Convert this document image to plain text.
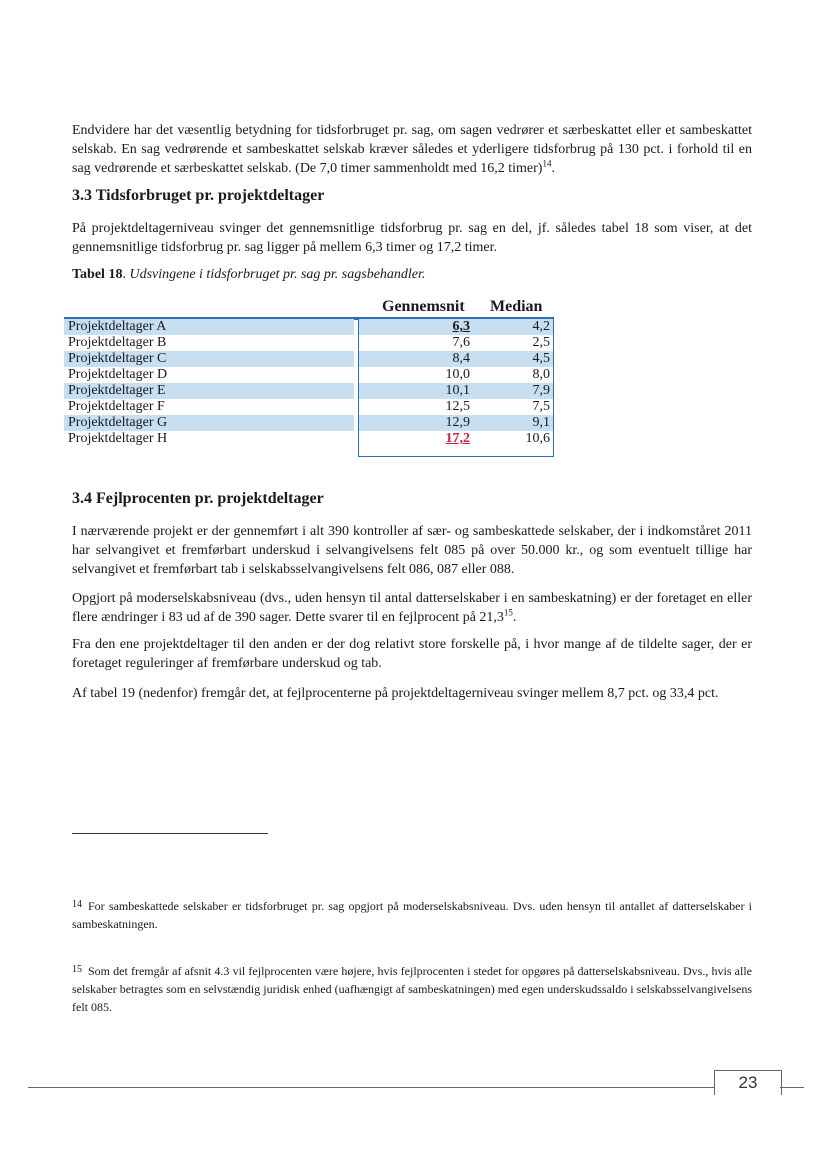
Endvidere har det væsentlig betydning for tidsforbruget pr. sag, om sagen vedrører et særbeskattet eller et sambeskattet selskab. En sag vedrørende et sambeskattet selskab kræver således et yderligere tidsforbrug på 130 pct. i forhold til en sag vedrørende et særbeskattet selskab. (De 7,0 timer sammenholdt med 16,2 timer)$^{14}$.

3.3 Tidsforbruget pr. projektdeltager

På projektdeltagerniveau svinger det gennemsnitlige tidsforbrug pr. sag en del, jf. således tabel 18 som viser, at det gennemsnitlige tidsforbrug pr. sag ligger på mellem 6,3 timer og 17,2 timer.

Tabel 18. Udsvingene i tidsforbruget pr. sag pr. sagsbehandler.

Gennemsnit Median
Projektdeltager A	6,3	4,2
Projektdeltager B	7,6	2,5
Projektdeltager C	8,4	4,5
Projektdeltager D	10,0	8,0
Projektdeltager E	10,1	7,9
Projektdeltager F	12,5	7,5
Projektdeltager G	12,9	9,1
Projektdeltager H	17,2	10,6
3.4 Fejlprocenten pr. projektdeltager

I nærværende projekt er der gennemført i alt 390 kontroller af sær- og sambeskattede selskaber, der i indkomståret 2011 har selvangivet et fremførbart underskud i selvangivelsens felt 085 på over 50.000 kr., og som eventuelt tillige har selvangivet et fremførbart tab i selskabsselvangivelsens felt 086, 087 eller 088.

Opgjort på moderselskabsniveau (dvs., uden hensyn til antal datterselskaber i en sambeskatning) er der foretaget en eller flere ændringer i 83 ud af de 390 sager. Dette svarer til en fejlprocent på 21,3$^{15}$.

Fra den ene projektdeltager til den anden er der dog relativt store forskelle på, i hvor mange af de tildelte sager, der er foretaget reguleringer af fremførbare underskud og tab.

Af tabel 19 (nedenfor) fremgår det, at fejlprocenterne på projektdeltagerniveau svinger mellem 8,7 pct. og 33,4 pct.

$^{14}$ For sambeskattede selskaber er tidsforbruget pr. sag opgjort på moderselskabsniveau. Dvs. uden hensyn til antallet af datterselskaber i sambeskatningen.

$^{15}$ Som det fremgår af afsnit 4.3 vil fejlprocenten være højere, hvis fejlprocenten i stedet for opgøres på datterselskabsniveau. Dvs., hvis alle selskaber betragtes som en selvstændig juridisk enhed (uafhængigt af sambeskatningen) med egen underskudssaldo i selskabsselvangivelsens felt 085.

23
